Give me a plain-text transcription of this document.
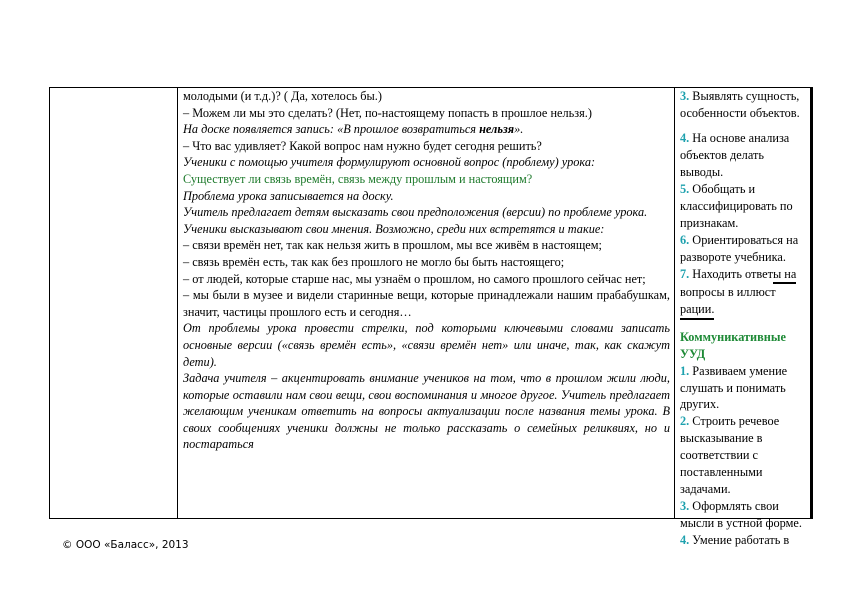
молодыми (и т.д.)? ( Да, хотелось бы.)

– Можем ли мы это сделать? (Нет, по-настоящему попасть в прошлое нельзя.)

На доске появляется запись: «В прошлое возвратиться нельзя».

– Что вас удивляет? Какой вопрос нам нужно будет сегодня решить?

Ученики с помощью учителя формулируют основной вопрос (проблему) урока:

Существует ли связь времён, связь между прошлым и настоящим?

Проблема урока записывается на доску.

Учитель предлагает детям высказать свои предположения (версии) по проблеме урока.

Ученики высказывают свои мнения. Возможно, среди них встретятся и такие:

– связи времён нет, так как нельзя жить в прошлом, мы все живём в настоящем;

– связь времён есть, так как без прошлого не могло бы быть настоящего;

– от людей, которые старше нас, мы узнаём о прошлом, но самого прошлого сейчас нет;

– мы были в музее и видели старинные вещи, которые принадлежали нашим прабабушкам, значит, частицы прошлого есть и сегодня…

От проблемы урока провести стрелки, под которыми ключевыми словами записать основные версии («связь времён есть», «связи времён нет» или иначе, так, как скажут дети).

Задача учителя – акцентировать внимание учеников на том, что в прошлом жили люди, которые оставили нам свои вещи, свои воспоминания и многое другое. Учитель предлагает желающим ученикам ответить на вопросы актуализации после названия темы урока. В своих сообщениях ученики должны не только рассказать о семейных реликвиях, но и постараться

3. Выявлять сущность, особенности объектов.

4. На основе анализа объектов делать выводы.

5. Обобщать и классифицировать по признакам.

6. Ориентироваться на развороте учебника.

7. Находить ответы на вопросы в иллюстрации.

Коммуникативные УУД

1. Развиваем умение слушать и понимать других.

2. Строить речевое высказывание в соответствии с поставленными задачами.

3. Оформлять свои мысли в устной форме.

4. Умение работать в

© ООО «Баласс», 2013
